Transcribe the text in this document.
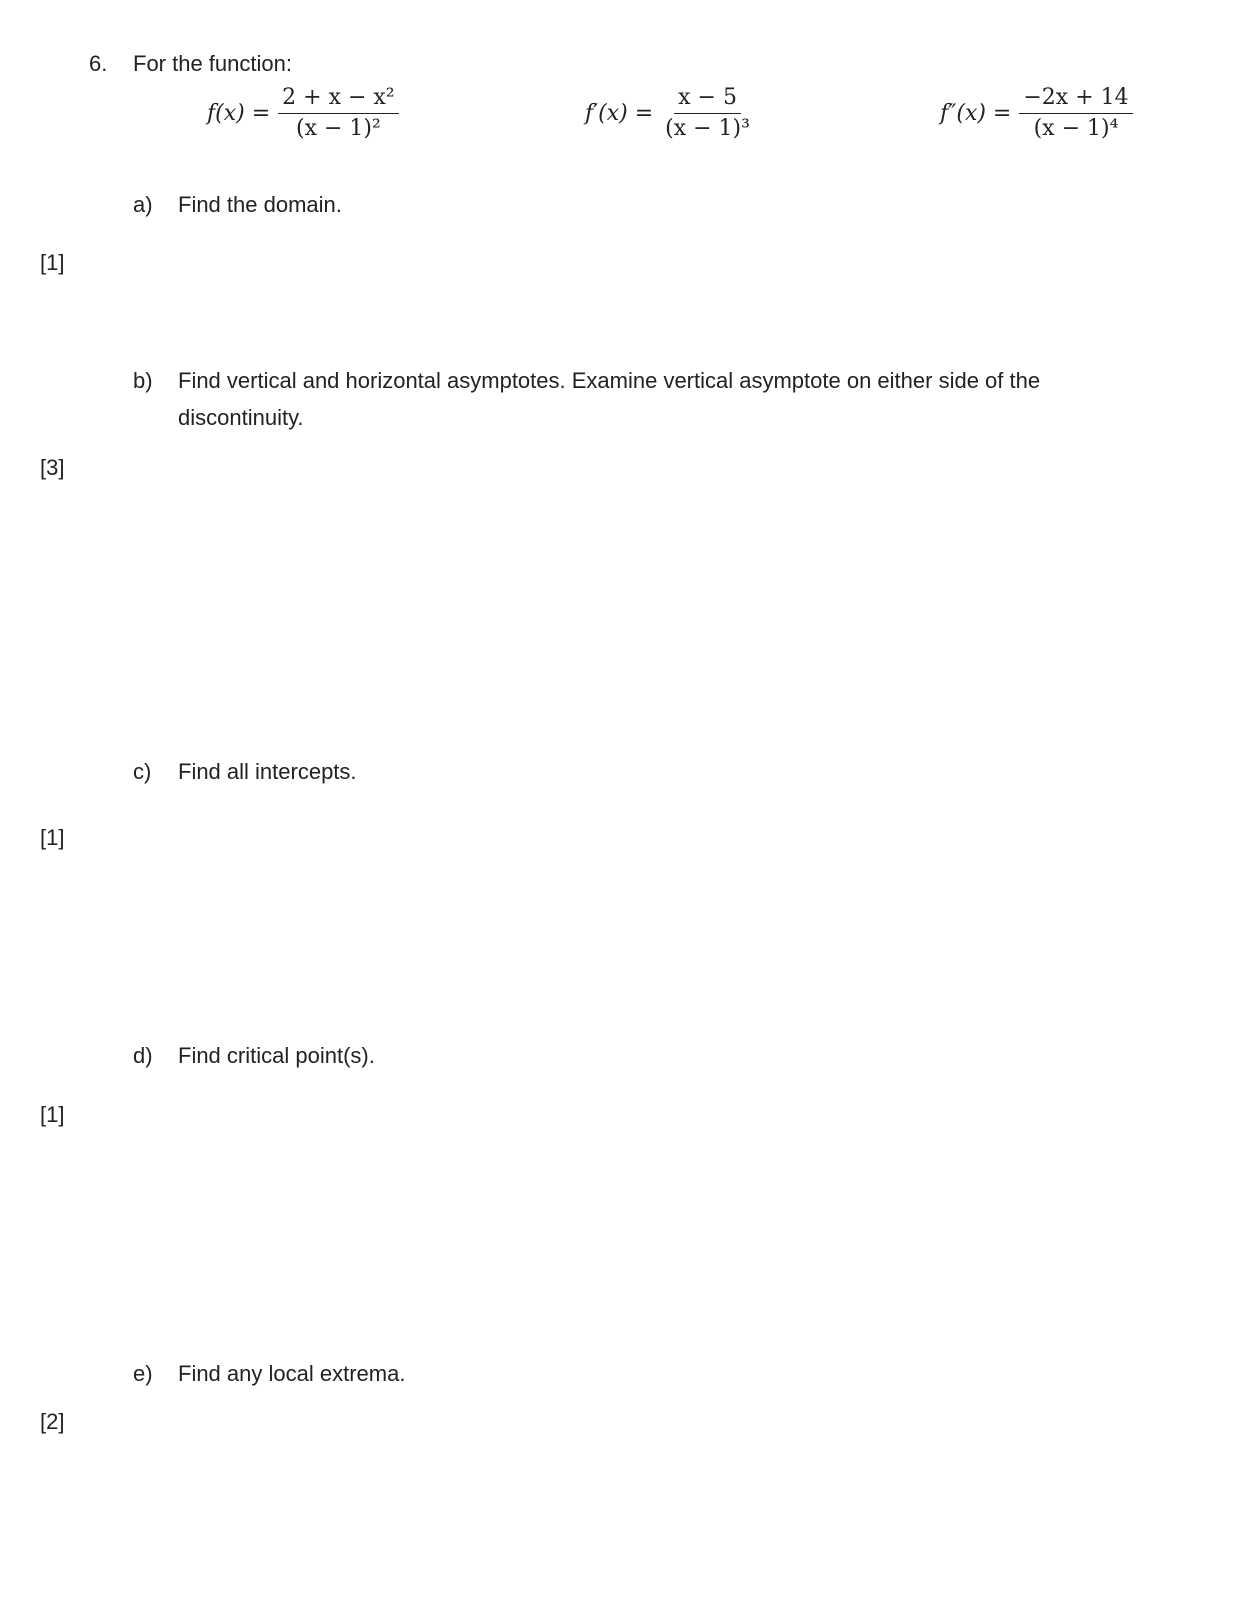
6. For the function:
$f(x) = \frac{\text{2 + x − x²}}{\text{(x − 1)²}}$	$f'(x) = \frac{x - 5}{\text{(x − 1)³}}$	$f''(x) = \frac{-2x + 14}{\text{(x − 1)⁴}}$
a) Find the domain.
[1]
b) Find vertical and horizontal asymptotes. Examine vertical asymptote on either side of the
discontinuity.
[3]
c) Find all intercepts.
[1]
d) Find critical point(s).
[1]
e) Find any local extrema.
[2]
